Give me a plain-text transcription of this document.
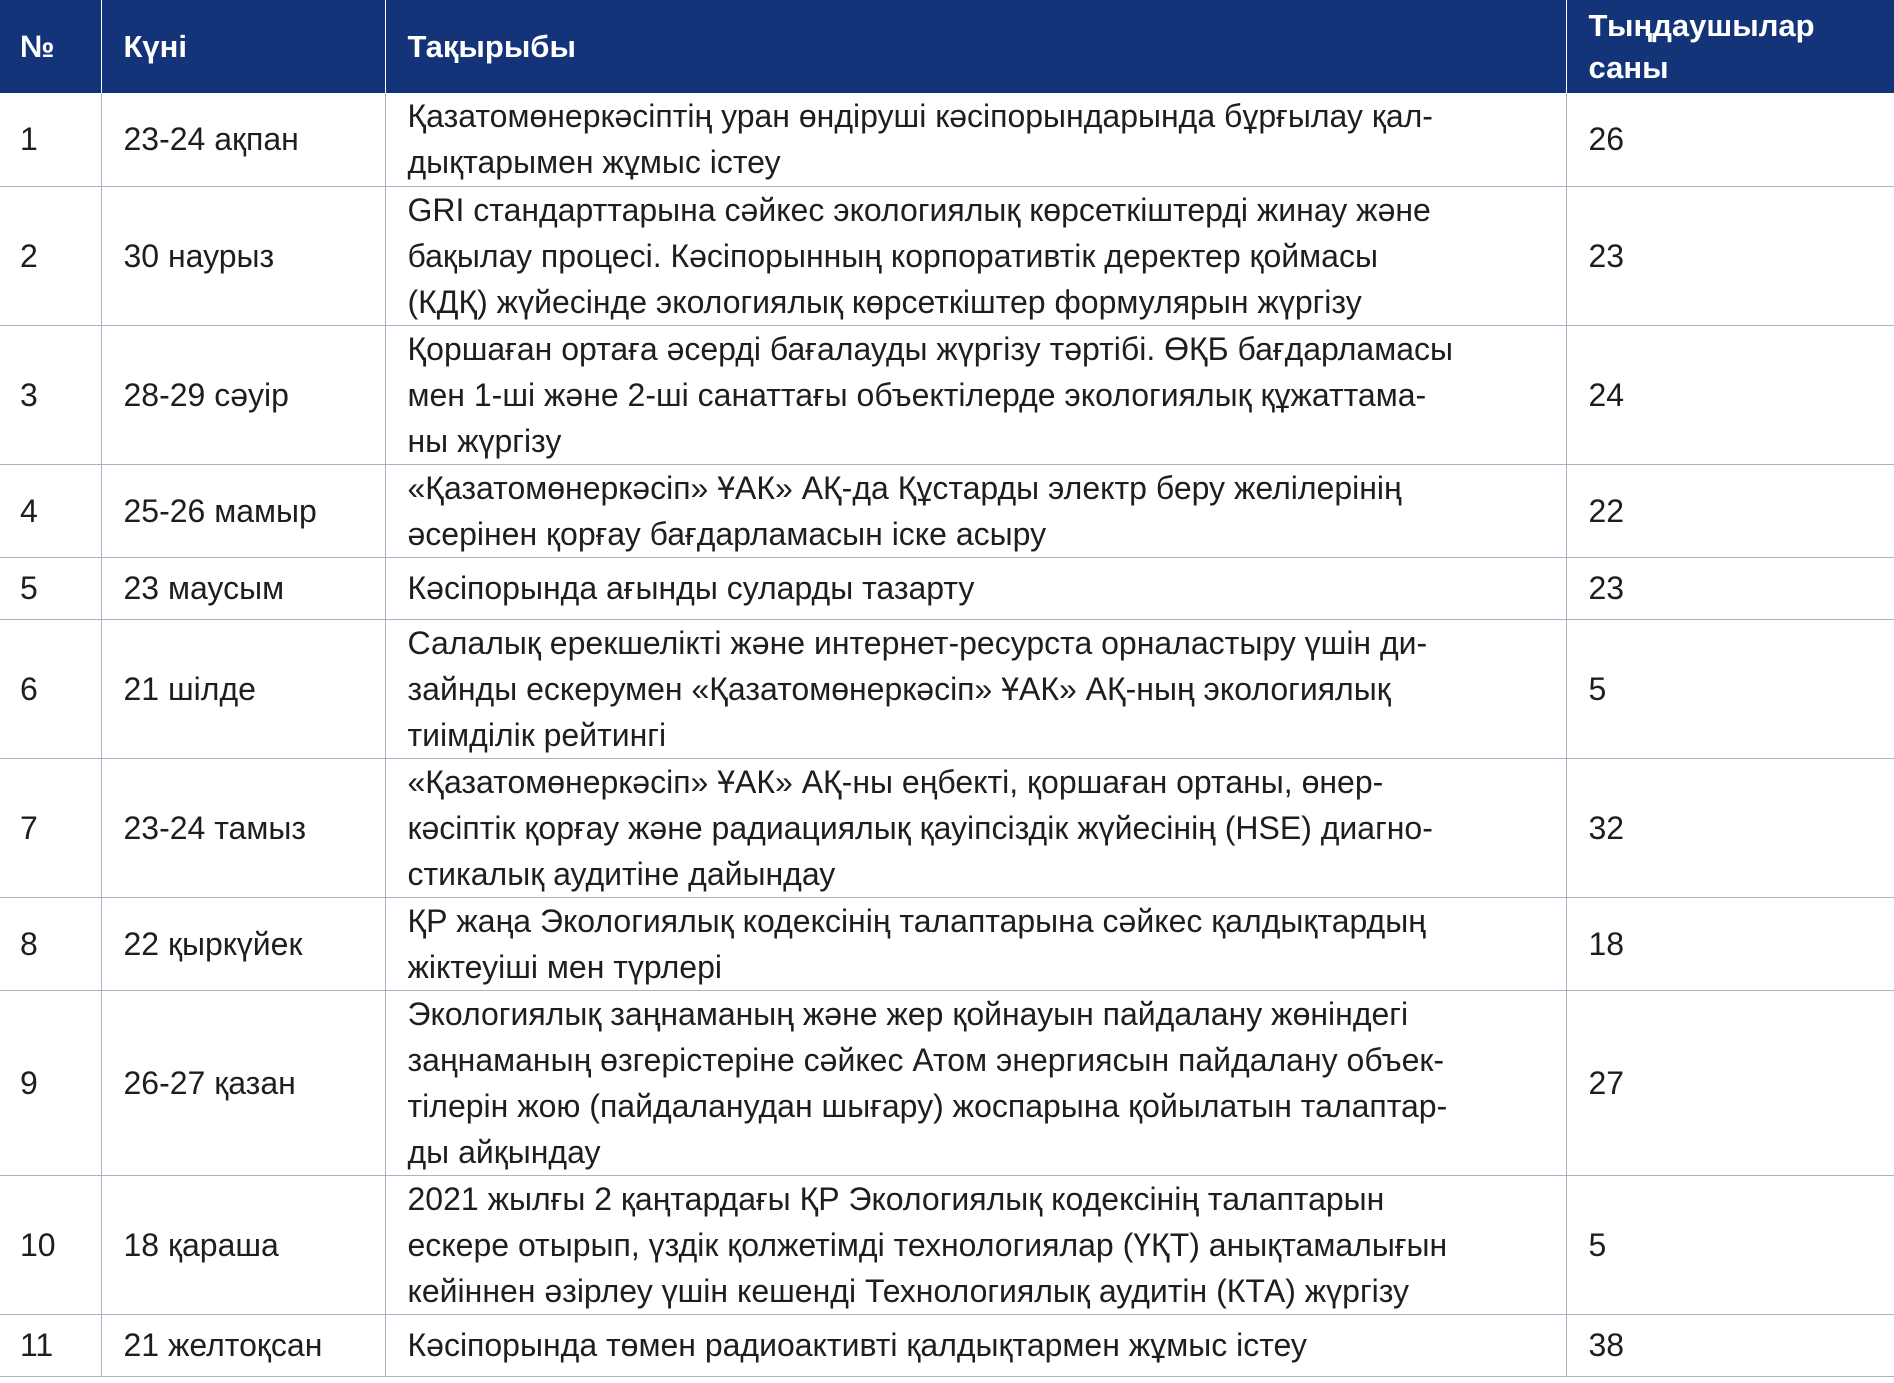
№	Күні	Тақырыбы	Тыңдаушылар
саны

1	23-24 ақпан	Қазатомөнеркәсіптің уран өндіруші кәсіпорындарында бұрғылау қал-
дықтарымен жұмыс істеу	26
2	30 наурыз	GRI стандарттарына сәйкес экологиялық көрсеткіштерді жинау және
бақылау процесі. Кәсіпорынның корпоративтік деректер қоймасы
(КДҚ) жүйесінде экологиялық көрсеткіштер формулярын жүргізу	23
3	28-29 сәуір	Қоршаған ортаға әсерді бағалауды жүргізу тәртібі. ӨҚБ бағдарламасы
мен 1-ші және 2-ші санаттағы объектілерде экологиялық құжаттама-
ны жүргізу	24
4	25-26 мамыр	«Қазатомөнеркәсіп» ҰАК» АҚ-да Құстарды электр беру желілерінің
әсерінен қорғау бағдарламасын іске асыру	22
5	23 маусым	Кәсіпорында ағынды суларды тазарту	23
6	21 шілде	Салалық ерекшелікті және интернет-ресурста орналастыру үшін ди-
зайнды ескерумен «Қазатомөнеркәсіп» ҰАК» АҚ-ның экологиялық
тиімділік рейтингі	5
7	23-24 тамыз	«Қазатомөнеркәсіп» ҰАК» АҚ-ны еңбекті, қоршаған ортаны, өнер-
кәсіптік қорғау және радиациялық қауіпсіздік жүйесінің (HSE) диагно-
стикалық аудитіне дайындау	32
8	22 қыркүйек	ҚР жаңа Экологиялық кодексінің талаптарына сәйкес қалдықтардың
жіктеуіші мен түрлері	18
9	26-27 қазан	Экологиялық заңнаманың және жер қойнауын пайдалану жөніндегі
заңнаманың өзгерістеріне сәйкес Атом энергиясын пайдалану объек-
тілерін жою (пайдаланудан шығару) жоспарына қойылатын талаптар-
ды айқындау	27
10	18 қараша	2021 жылғы 2 қаңтардағы ҚР Экологиялық кодексінің талаптарын
ескере отырып, үздік қолжетімді технологиялар (ҮҚТ) анықтамалығын
кейіннен әзірлеу үшін кешенді Технологиялық аудитін (КТА) жүргізу	5
11	21 желтоқсан	Кәсіпорында төмен радиоактивті қалдықтармен жұмыс істеу	38
